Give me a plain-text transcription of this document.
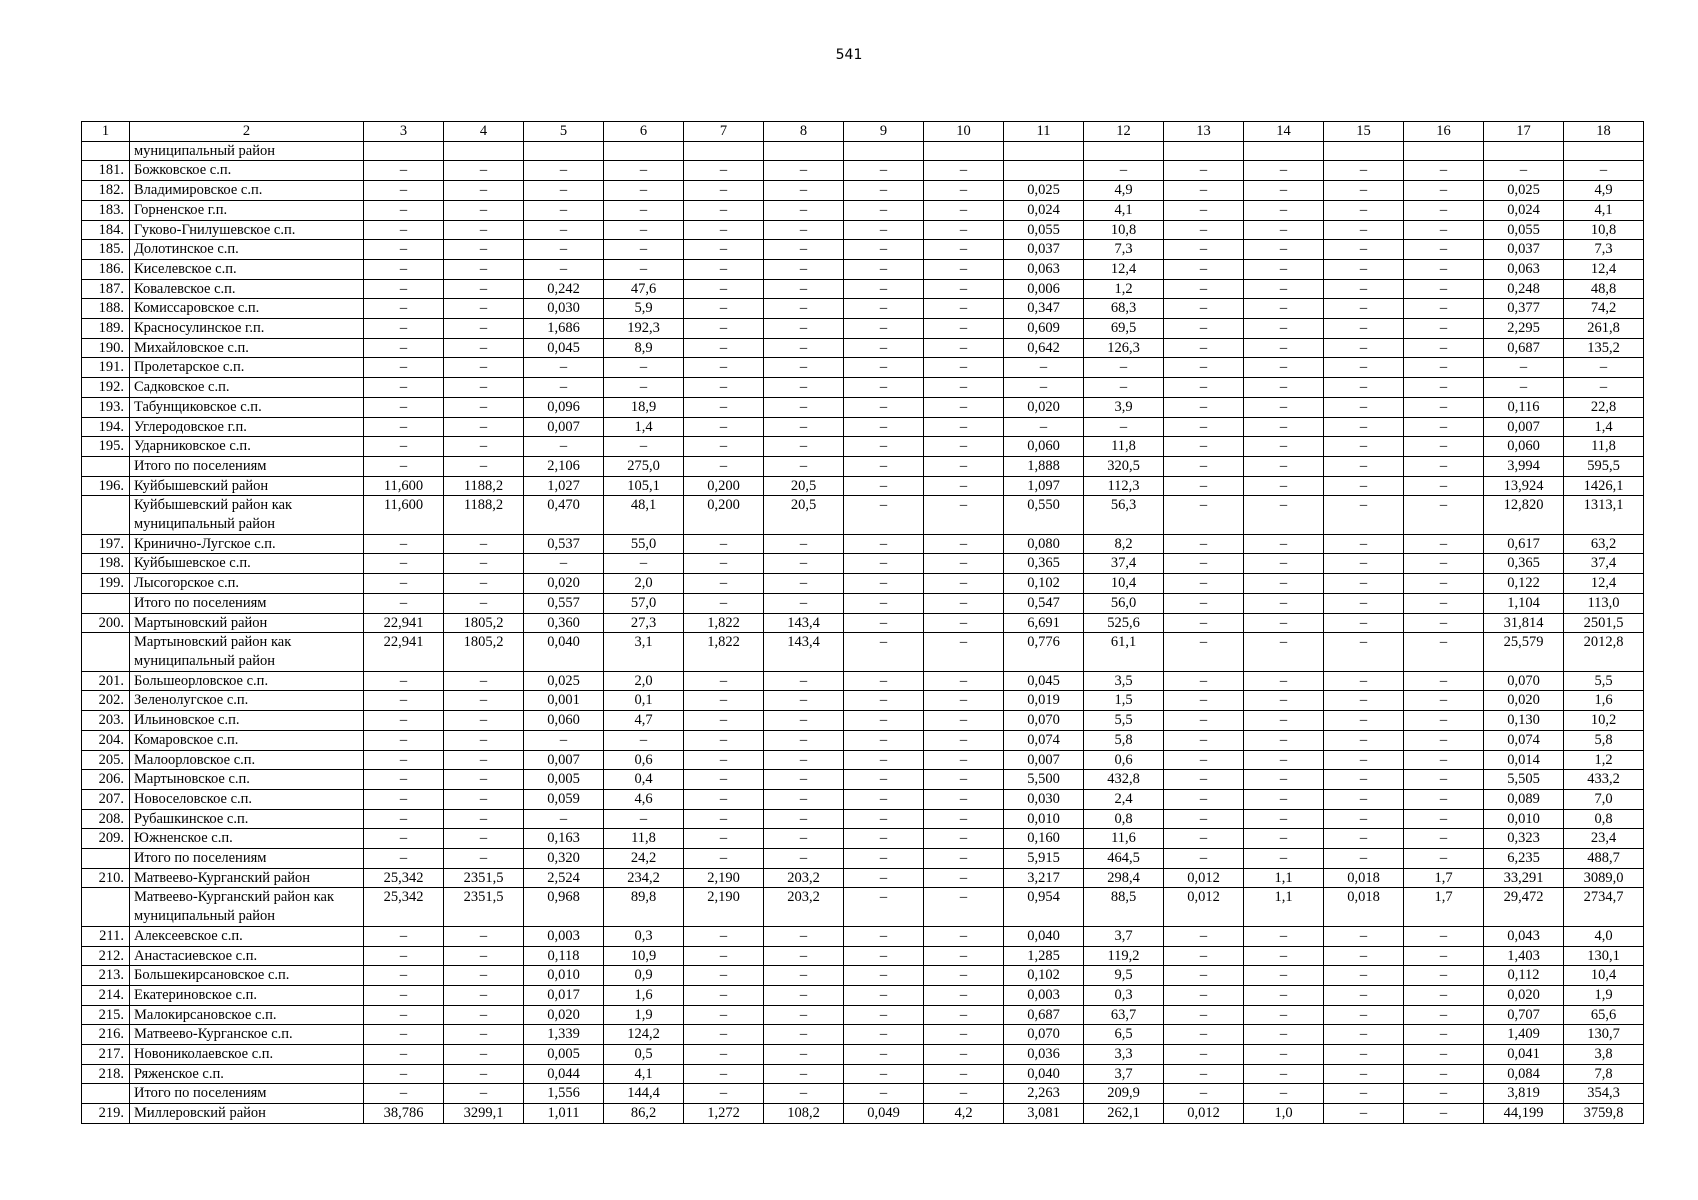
541
1	2	3	4	5	6	7	8	9	10	11	12	13	14	15	16	17	18
	муниципальный район																
181.	Божковское с.п.	–	–	–	–	–	–	–	–		–	–	–	–	–	–	–
182.	Владимировское с.п.	–	–	–	–	–	–	–	–	0,025	4,9	–	–	–	–	0,025	4,9
183.	Горненское г.п.	–	–	–	–	–	–	–	–	0,024	4,1	–	–	–	–	0,024	4,1
184.	Гуково-Гнилушевское с.п.	–	–	–	–	–	–	–	–	0,055	10,8	–	–	–	–	0,055	10,8
185.	Долотинское с.п.	–	–	–	–	–	–	–	–	0,037	7,3	–	–	–	–	0,037	7,3
186.	Киселевское с.п.	–	–	–	–	–	–	–	–	0,063	12,4	–	–	–	–	0,063	12,4
187.	Ковалевское с.п.	–	–	0,242	47,6	–	–	–	–	0,006	1,2	–	–	–	–	0,248	48,8
188.	Комиссаровское с.п.	–	–	0,030	5,9	–	–	–	–	0,347	68,3	–	–	–	–	0,377	74,2
189.	Красносулинское г.п.	–	–	1,686	192,3	–	–	–	–	0,609	69,5	–	–	–	–	2,295	261,8
190.	Михайловское с.п.	–	–	0,045	8,9	–	–	–	–	0,642	126,3	–	–	–	–	0,687	135,2
191.	Пролетарское с.п.	–	–	–	–	–	–	–	–	–	–	–	–	–	–	–	–
192.	Садковское с.п.	–	–	–	–	–	–	–	–	–	–	–	–	–	–	–	–
193.	Табунщиковское с.п.	–	–	0,096	18,9	–	–	–	–	0,020	3,9	–	–	–	–	0,116	22,8
194.	Углеродовское г.п.	–	–	0,007	1,4	–	–	–	–	–	–	–	–	–	–	0,007	1,4
195.	Ударниковское с.п.	–	–	–	–	–	–	–	–	0,060	11,8	–	–	–	–	0,060	11,8
	Итого по поселениям	–	–	2,106	275,0	–	–	–	–	1,888	320,5	–	–	–	–	3,994	595,5
196.	Куйбышевский район	11,600	1188,2	1,027	105,1	0,200	20,5	–	–	1,097	112,3	–	–	–	–	13,924	1426,1
	Куйбышевский район как муниципальный район	11,600	1188,2	0,470	48,1	0,200	20,5	–	–	0,550	56,3	–	–	–	–	12,820	1313,1
197.	Кринично-Лугское с.п.	–	–	0,537	55,0	–	–	–	–	0,080	8,2	–	–	–	–	0,617	63,2
198.	Куйбышевское с.п.	–	–	–	–	–	–	–	–	0,365	37,4	–	–	–	–	0,365	37,4
199.	Лысогорское с.п.	–	–	0,020	2,0	–	–	–	–	0,102	10,4	–	–	–	–	0,122	12,4
	Итого по поселениям	–	–	0,557	57,0	–	–	–	–	0,547	56,0	–	–	–	–	1,104	113,0
200.	Мартыновский район	22,941	1805,2	0,360	27,3	1,822	143,4	–	–	6,691	525,6	–	–	–	–	31,814	2501,5
	Мартыновский район как муниципальный район	22,941	1805,2	0,040	3,1	1,822	143,4	–	–	0,776	61,1	–	–	–	–	25,579	2012,8
201.	Большеорловское с.п.	–	–	0,025	2,0	–	–	–	–	0,045	3,5	–	–	–	–	0,070	5,5
202.	Зеленолугское с.п.	–	–	0,001	0,1	–	–	–	–	0,019	1,5	–	–	–	–	0,020	1,6
203.	Ильиновское с.п.	–	–	0,060	4,7	–	–	–	–	0,070	5,5	–	–	–	–	0,130	10,2
204.	Комаровское с.п.	–	–	–	–	–	–	–	–	0,074	5,8	–	–	–	–	0,074	5,8
205.	Малоорловское с.п.	–	–	0,007	0,6	–	–	–	–	0,007	0,6	–	–	–	–	0,014	1,2
206.	Мартыновское с.п.	–	–	0,005	0,4	–	–	–	–	5,500	432,8	–	–	–	–	5,505	433,2
207.	Новоселовское с.п.	–	–	0,059	4,6	–	–	–	–	0,030	2,4	–	–	–	–	0,089	7,0
208.	Рубашкинское с.п.	–	–	–	–	–	–	–	–	0,010	0,8	–	–	–	–	0,010	0,8
209.	Южненское с.п.	–	–	0,163	11,8	–	–	–	–	0,160	11,6	–	–	–	–	0,323	23,4
	Итого по поселениям	–	–	0,320	24,2	–	–	–	–	5,915	464,5	–	–	–	–	6,235	488,7
210.	Матвеево-Курганский район	25,342	2351,5	2,524	234,2	2,190	203,2	–	–	3,217	298,4	0,012	1,1	0,018	1,7	33,291	3089,0
	Матвеево-Курганский район как муниципальный район	25,342	2351,5	0,968	89,8	2,190	203,2	–	–	0,954	88,5	0,012	1,1	0,018	1,7	29,472	2734,7
211.	Алексеевское с.п.	–	–	0,003	0,3	–	–	–	–	0,040	3,7	–	–	–	–	0,043	4,0
212.	Анастасиевское с.п.	–	–	0,118	10,9	–	–	–	–	1,285	119,2	–	–	–	–	1,403	130,1
213.	Большекирсановское с.п.	–	–	0,010	0,9	–	–	–	–	0,102	9,5	–	–	–	–	0,112	10,4
214.	Екатериновское с.п.	–	–	0,017	1,6	–	–	–	–	0,003	0,3	–	–	–	–	0,020	1,9
215.	Малокирсановское с.п.	–	–	0,020	1,9	–	–	–	–	0,687	63,7	–	–	–	–	0,707	65,6
216.	Матвеево-Курганское с.п.	–	–	1,339	124,2	–	–	–	–	0,070	6,5	–	–	–	–	1,409	130,7
217.	Новониколаевское с.п.	–	–	0,005	0,5	–	–	–	–	0,036	3,3	–	–	–	–	0,041	3,8
218.	Ряженское с.п.	–	–	0,044	4,1	–	–	–	–	0,040	3,7	–	–	–	–	0,084	7,8
	Итого по поселениям	–	–	1,556	144,4	–	–	–	–	2,263	209,9	–	–	–	–	3,819	354,3
219.	Миллеровский район	38,786	3299,1	1,011	86,2	1,272	108,2	0,049	4,2	3,081	262,1	0,012	1,0	–	–	44,199	3759,8
